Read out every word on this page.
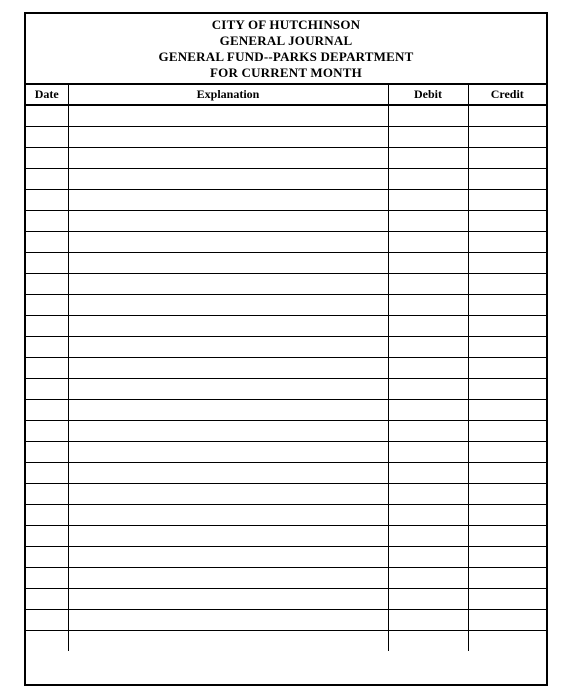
CITY OF HUTCHINSON
GENERAL JOURNAL
GENERAL FUND--PARKS DEPARTMENT
FOR CURRENT MONTH
Date	Explanation	Debit	Credit
